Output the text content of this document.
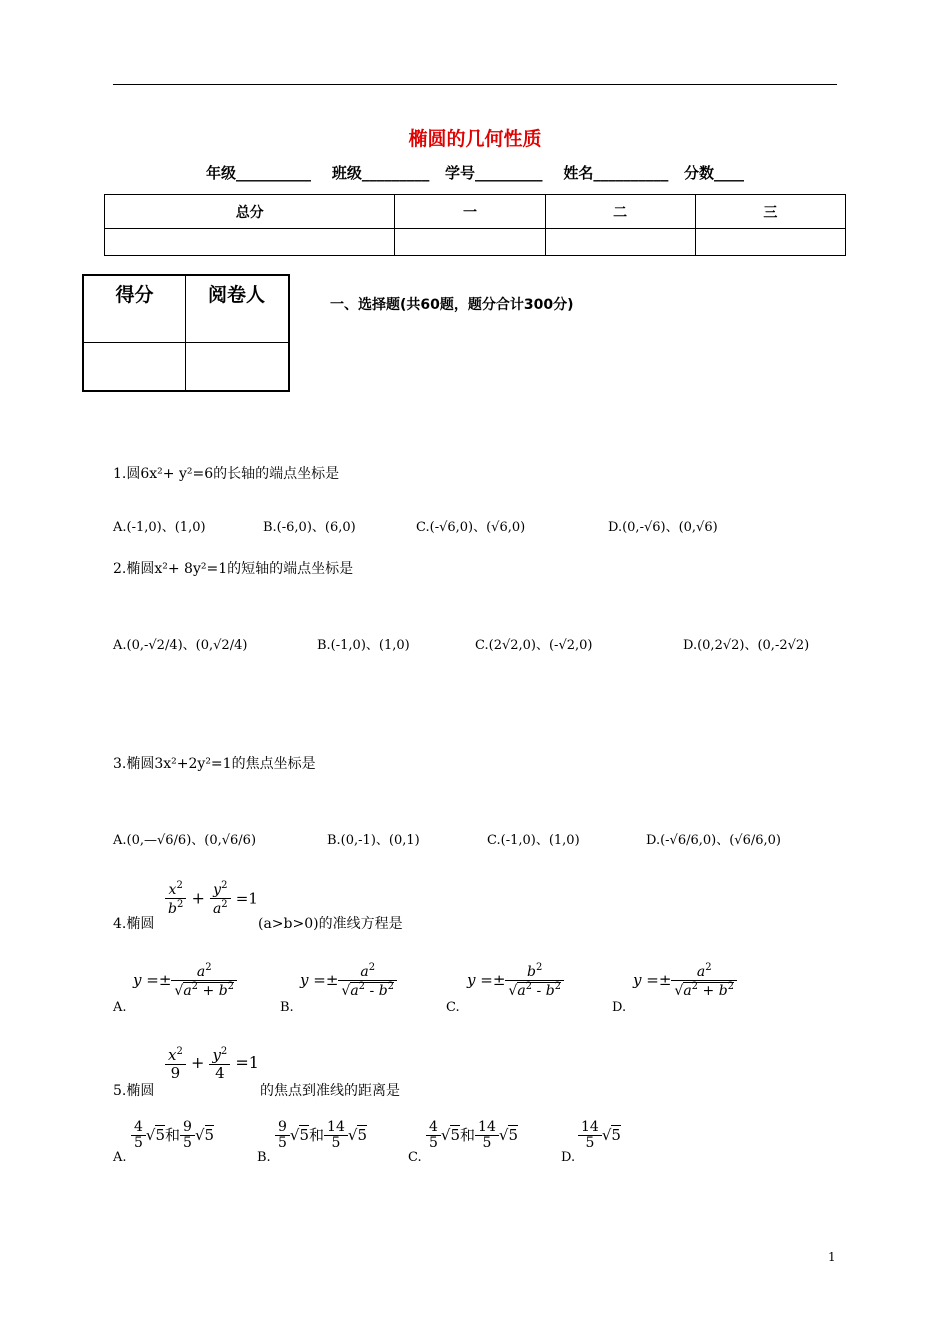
椭圆的几何性质
年级__________    班级_________   学号_________    姓名__________   分数____
总分	一	二	三

得分	阅卷人	一、选择题(共60题，题分合计300分)
1.圆6x²+ y²=6的长轴的端点坐标是
A.(-1,0)、(1,0)	B.(-6,0)、(6,0)	C.(-√6,0)、(√6,0)	D.(0,-√6)、(0,√6)
2.椭圆x²+ 8y²=1的短轴的端点坐标是
A.(0,-√2/4)、(0,√2/4)	B.(-1,0)、(1,0)	C.(2√2,0)、(-√2,0)	D.(0,2√2)、(0,-2√2)
3.椭圆3x²+2y²=1的焦点坐标是
A.(0,—√6/6)、(0,√6/6)	B.(0,-1)、(0,1)	C.(-1,0)、(1,0)	D.(-√6/6,0)、(√6/6,0)
4.椭圆
$\frac{x^2}{b^2} + \frac{y^2}{a^2} =1$
(a>b>0)的准线方程是
A.
$y =\pm \frac{a^2}{√a^2 + b^2}$
B.
$y =\pm \frac{a^2}{√a^2 - b^2}$
C.
$y =\pm \frac{b^2}{√a^2 - b^2}$
D.
$y =\pm \frac{a^2}{√a^2 + b^2}$
5.椭圆
$\frac{x^2}{9} + \frac{y^2}{4} =1$
的焦点到准线的距离是
A.
$\frac{4}{5} √5$和 $\frac{9}{5} √5$
B.
$\frac{9}{5} √5$和 $\frac{14}{5} √5$
C.
$\frac{4}{5} √5$和 $\frac{14}{5} √5$
D.
$\frac{14}{5} √5$
1
